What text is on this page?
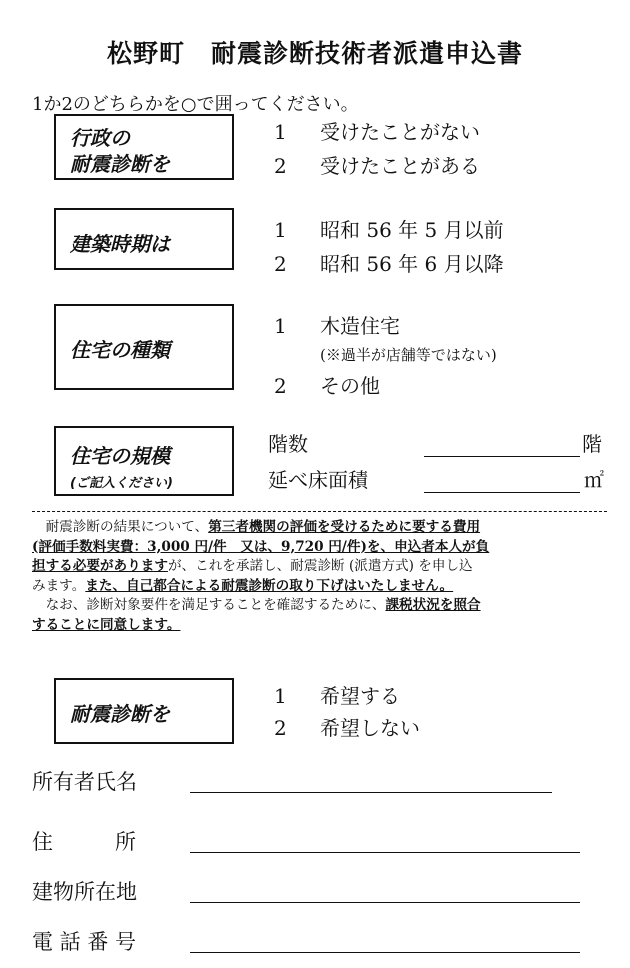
松野町　耐震診断技術者派遣申込書
1か2のどちらかを○で囲ってください。
行政の
耐震診断を
1 受けたことがない
2 受けたことがある
建築時期は
1 昭和 56 年 5 月以前
2 昭和 56 年 6 月以降
住宅の種類
1 木造住宅
(※過半が店舗等ではない)
2 その他
住宅の規模
(ご記入ください)
階数	階
延べ床面積	㎡
　耐震診断の結果について、第三者機関の評価を受けるために要する費用
(評価手数料実費：3,000 円/件　又は、9,720 円/件)を、申込者本人が負
担する必要がありますが、これを承諾し、耐震診断 (派遣方式) を申し込
みます。また、自己都合による耐震診断の取り下げはいたしません。
　なお、診断対象要件を満足することを確認するために、課税状況を照合
することに同意します。
耐震診断を
1 希望する
2 希望しない
所有者氏名
住	所
建物所在地
電 話 番 号
